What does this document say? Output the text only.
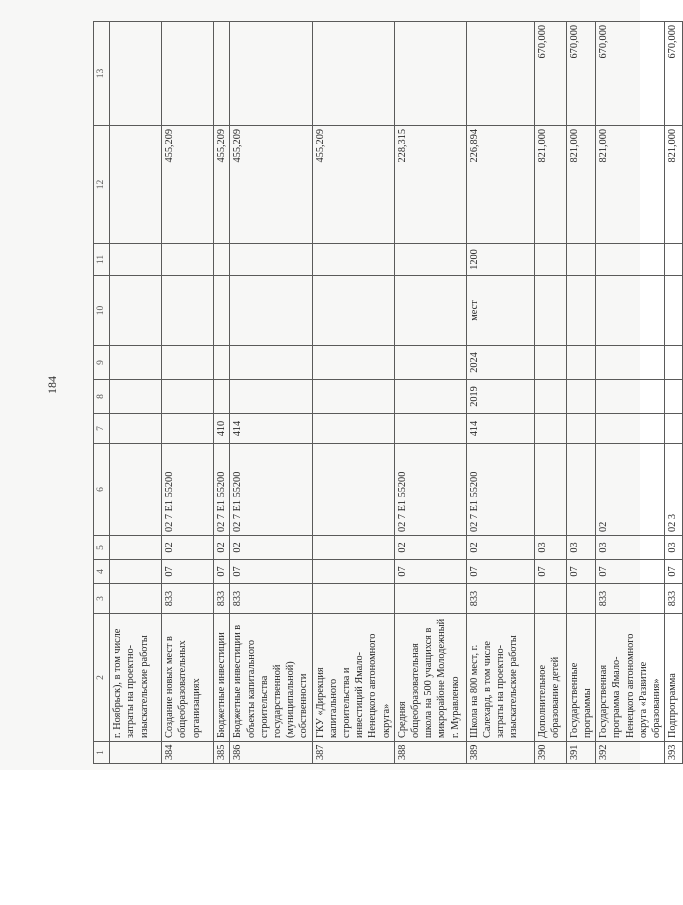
184
1	2	3	4	5	6	7	8	9	10	11	12	13
	г. Ноябрьск), в том числе затраты на проектно-изыскательские работы											
384	Создание новых мест в общеобразовательных организациях	833	07	02	02 7 E1 55200						455,209	
385	Бюджетные инвестиции	833	07	02	02 7 E1 55200	410					455,209	
386	Бюджетные инвестиции в объекты капитального строительства государственной (муниципальной) собственности	833	07	02	02 7 E1 55200	414					455,209	
387	ГКУ «Дирекция капитального строительства и инвестиций Ямало-Ненецкого автономного округа»										455,209	
388	Средняя общеобразовательная школа на 500 учащихся в микрорайоне Молодежный г. Муравленко		07	02	02 7 E1 55200						228,315	
389	Школа на 800 мест, г. Салехард, в том числе затраты на проектно-изыскательские работы	833	07	02	02 7 E1 55200	414	2019	2024	мест	1200	226,894	
390	Дополнительное образование детей		07	03							821,000	670,000
391	Государственные программы		07	03							821,000	670,000
392	Государственная программа Ямало-Ненецкого автономного округа «Развитие образования»	833	07	03	02						821,000	670,000
393	Подпрограмма	833	07	03	02 3						821,000	670,000
